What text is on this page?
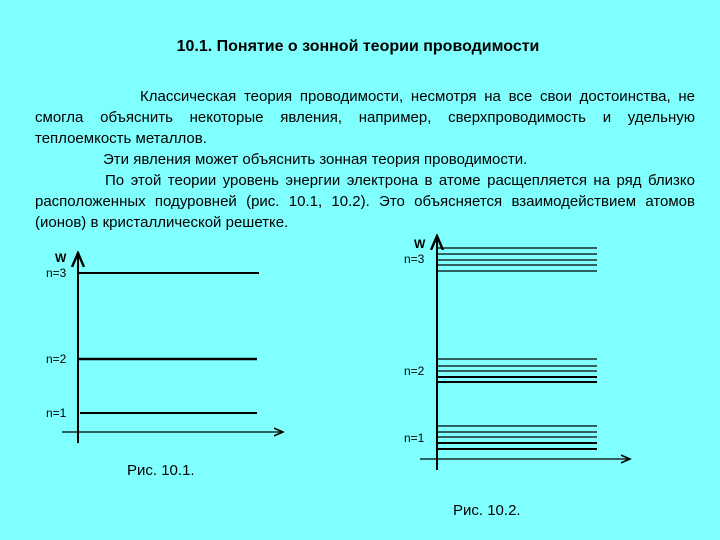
10.1. Понятие о зонной теории проводимости

Классическая теория проводимости, несмотря на все свои достоинства, не смогла объяснить некоторые явления, например, сверхпроводимость и удельную теплоемкость металлов.

Эти явления может объяснить зонная теория проводимости.

По этой теории уровень энергии электрона в атоме расщепляется на ряд близко расположенных подуровней (рис. 10.1, 10.2). Это объясняется взаимодействием атомов (ионов) в кристаллической решетке.

W
n=3
n=2
n=1
W
n=3
n=2
n=1
Рис. 10.1.
Рис. 10.2.
